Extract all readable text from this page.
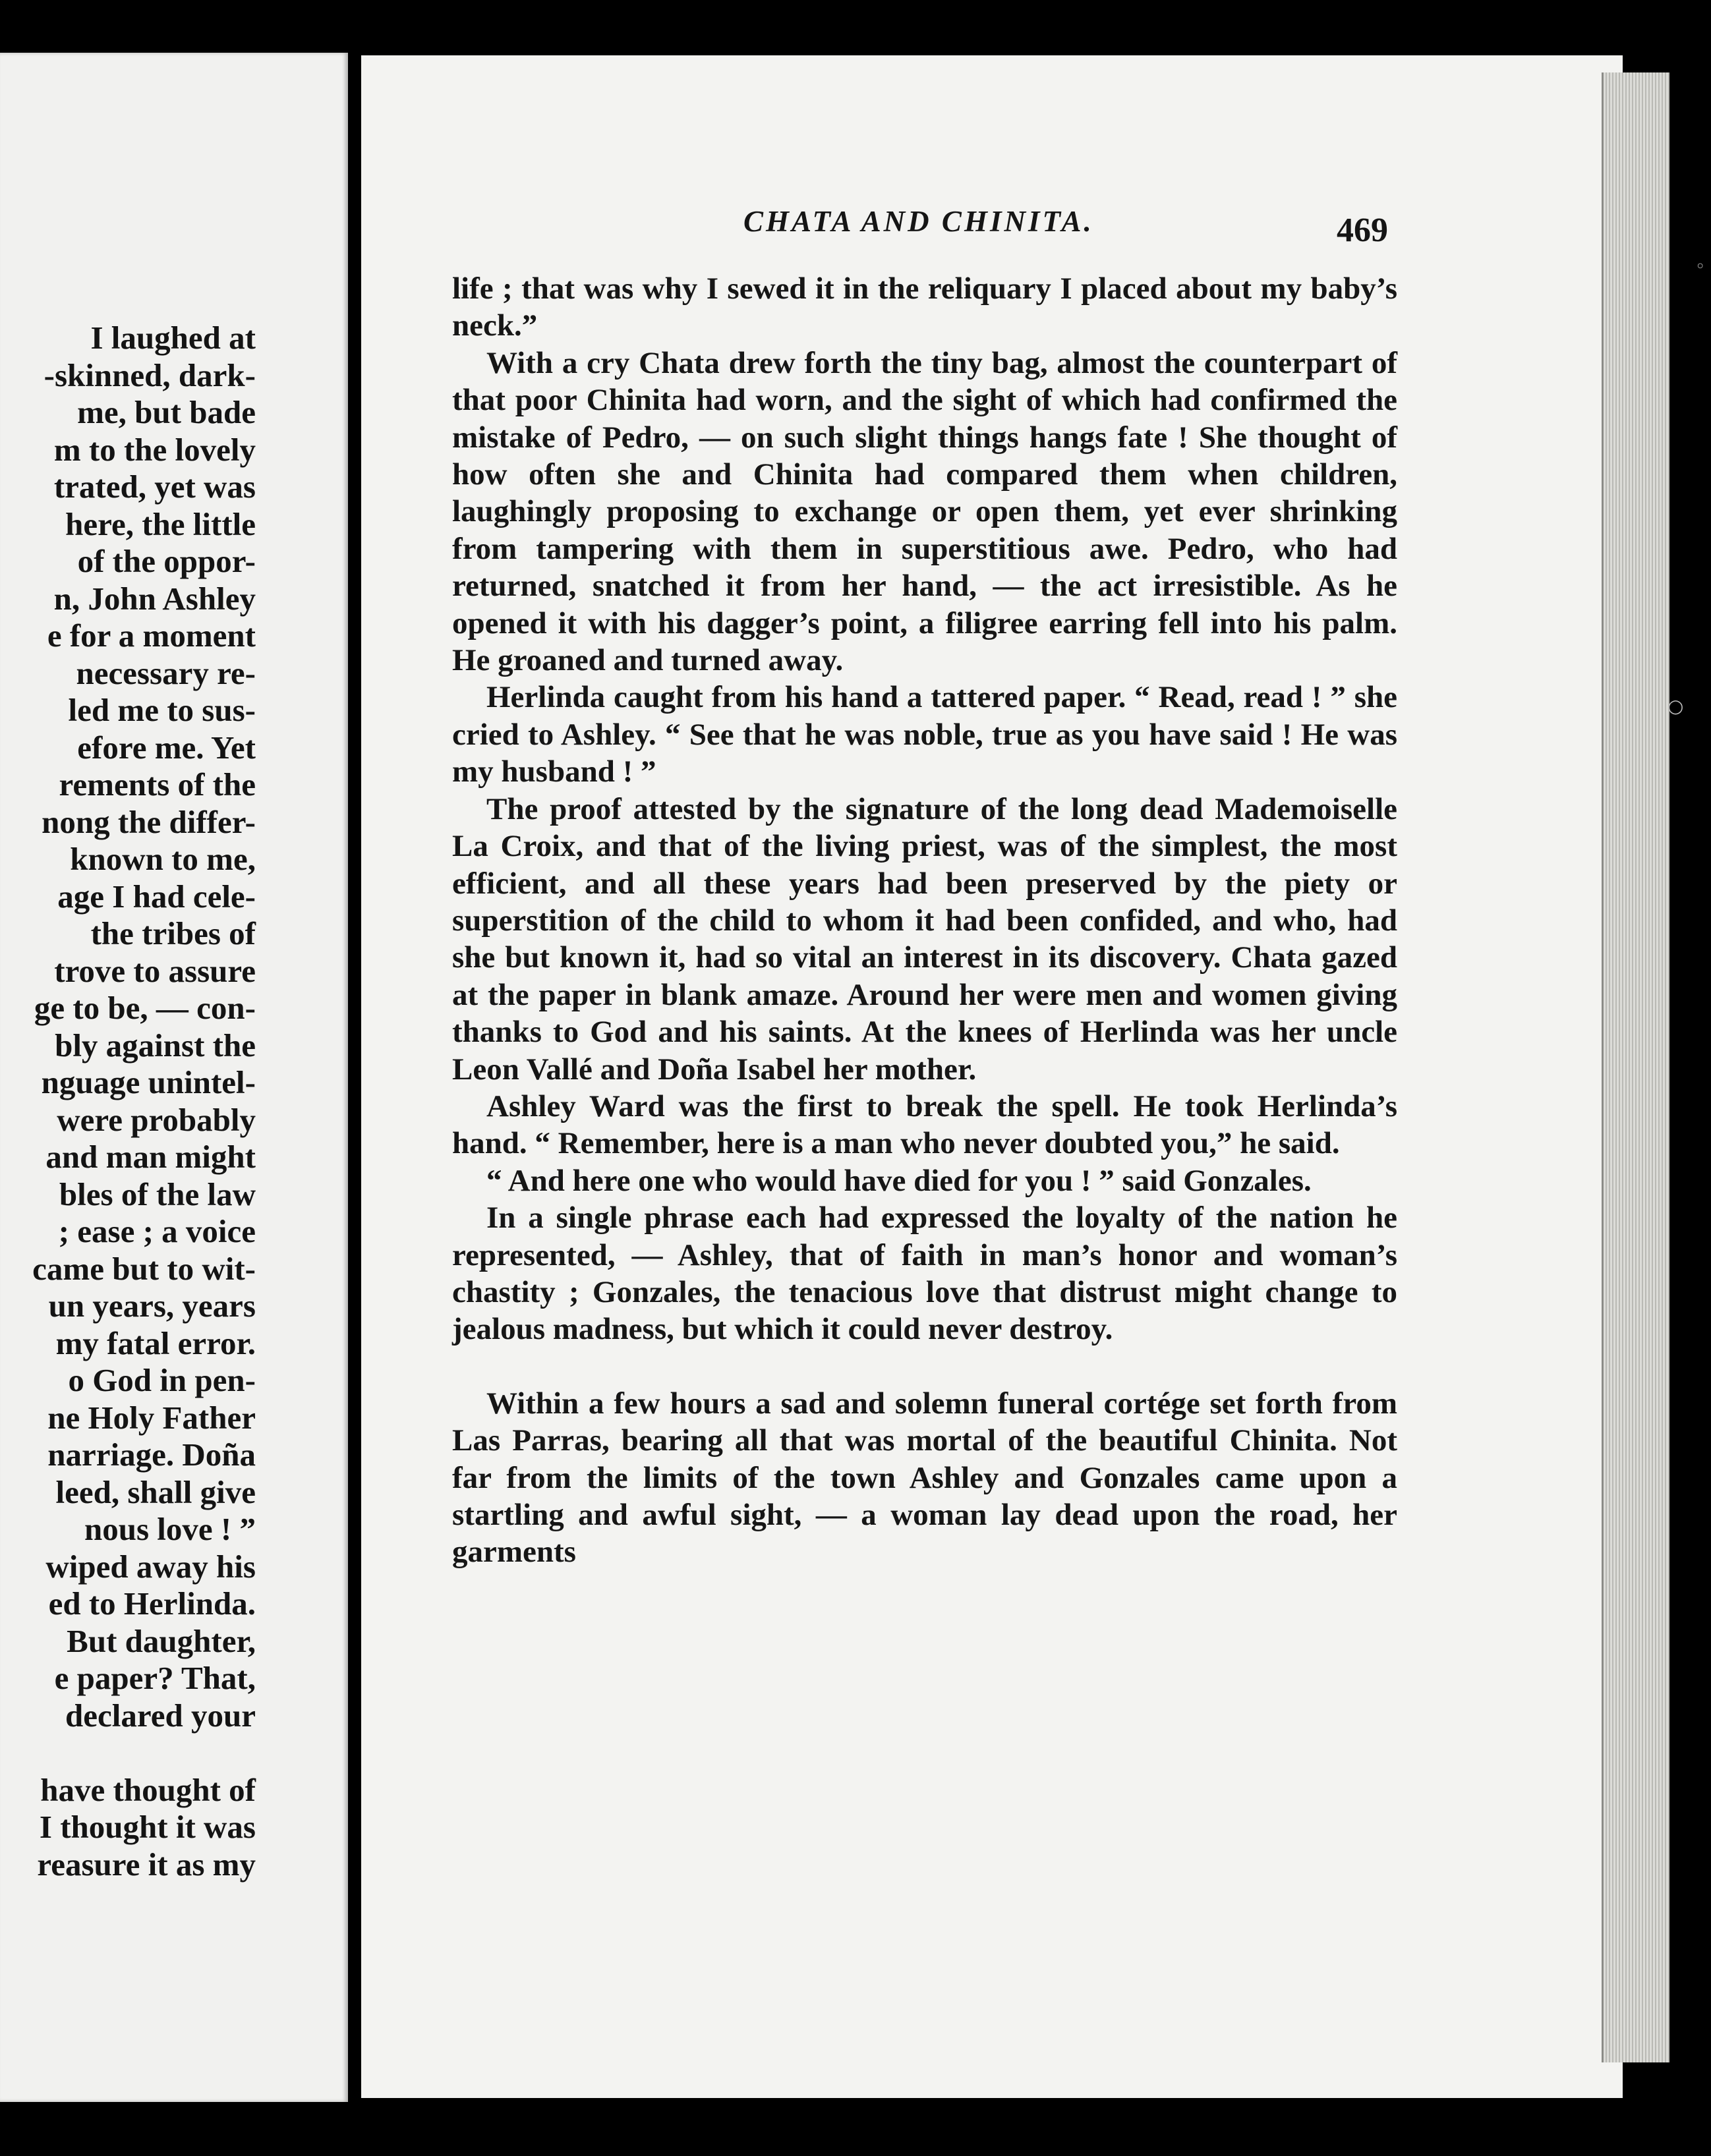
I laughed at
-skinned, dark-
me, but bade
m to the lovely
trated, yet was
here, the little
of the oppor-
n, John Ashley
e for a moment
necessary re-
led me to sus-
efore me. Yet
rements of the
nong the differ-
known to me,
age I had cele-
the tribes of
trove to assure
ge to be, — con-
bly against the
nguage unintel-
were probably
and man might
bles of the law
; ease ; a voice
came but to wit-
un years, years
my fatal error.
o God in pen-
ne Holy Father
narriage. Doña
leed, shall give
nous love ! ”
wiped away his
ed to Herlinda.
But daughter,
e paper? That,
declared your
have thought of
I thought it was
reasure it as my
○
◦
CHATA AND CHINITA.	469

life ; that was why I sewed it in the reliquary I placed about my baby’s neck.”

With a cry Chata drew forth the tiny bag, almost the counterpart of that poor Chinita had worn, and the sight of which had confirmed the mistake of Pedro, — on such slight things hangs fate ! She thought of how often she and Chinita had compared them when children, laughingly proposing to exchange or open them, yet ever shrinking from tampering with them in superstitious awe. Pedro, who had returned, snatched it from her hand, — the act irresistible. As he opened it with his dagger’s point, a filigree earring fell into his palm. He groaned and turned away.

Herlinda caught from his hand a tattered paper. “ Read, read ! ” she cried to Ashley. “ See that he was noble, true as you have said ! He was my husband ! ”

The proof attested by the signature of the long dead Mademoiselle La Croix, and that of the living priest, was of the simplest, the most efficient, and all these years had been preserved by the piety or superstition of the child to whom it had been confided, and who, had she but known it, had so vital an interest in its discovery. Chata gazed at the paper in blank amaze. Around her were men and women giving thanks to God and his saints. At the knees of Herlinda was her uncle Leon Vallé and Doña Isabel her mother.

Ashley Ward was the first to break the spell. He took Herlinda’s hand. “ Remember, here is a man who never doubted you,” he said.

“ And here one who would have died for you ! ” said Gonzales.

In a single phrase each had expressed the loyalty of the nation he represented, — Ashley, that of faith in man’s honor and woman’s chastity ; Gonzales, the tenacious love that distrust might change to jealous madness, but which it could never destroy.

Within a few hours a sad and solemn funeral cortége set forth from Las Parras, bearing all that was mortal of the beautiful Chinita. Not far from the limits of the town Ashley and Gonzales came upon a startling and awful sight, — a woman lay dead upon the road, her garments
